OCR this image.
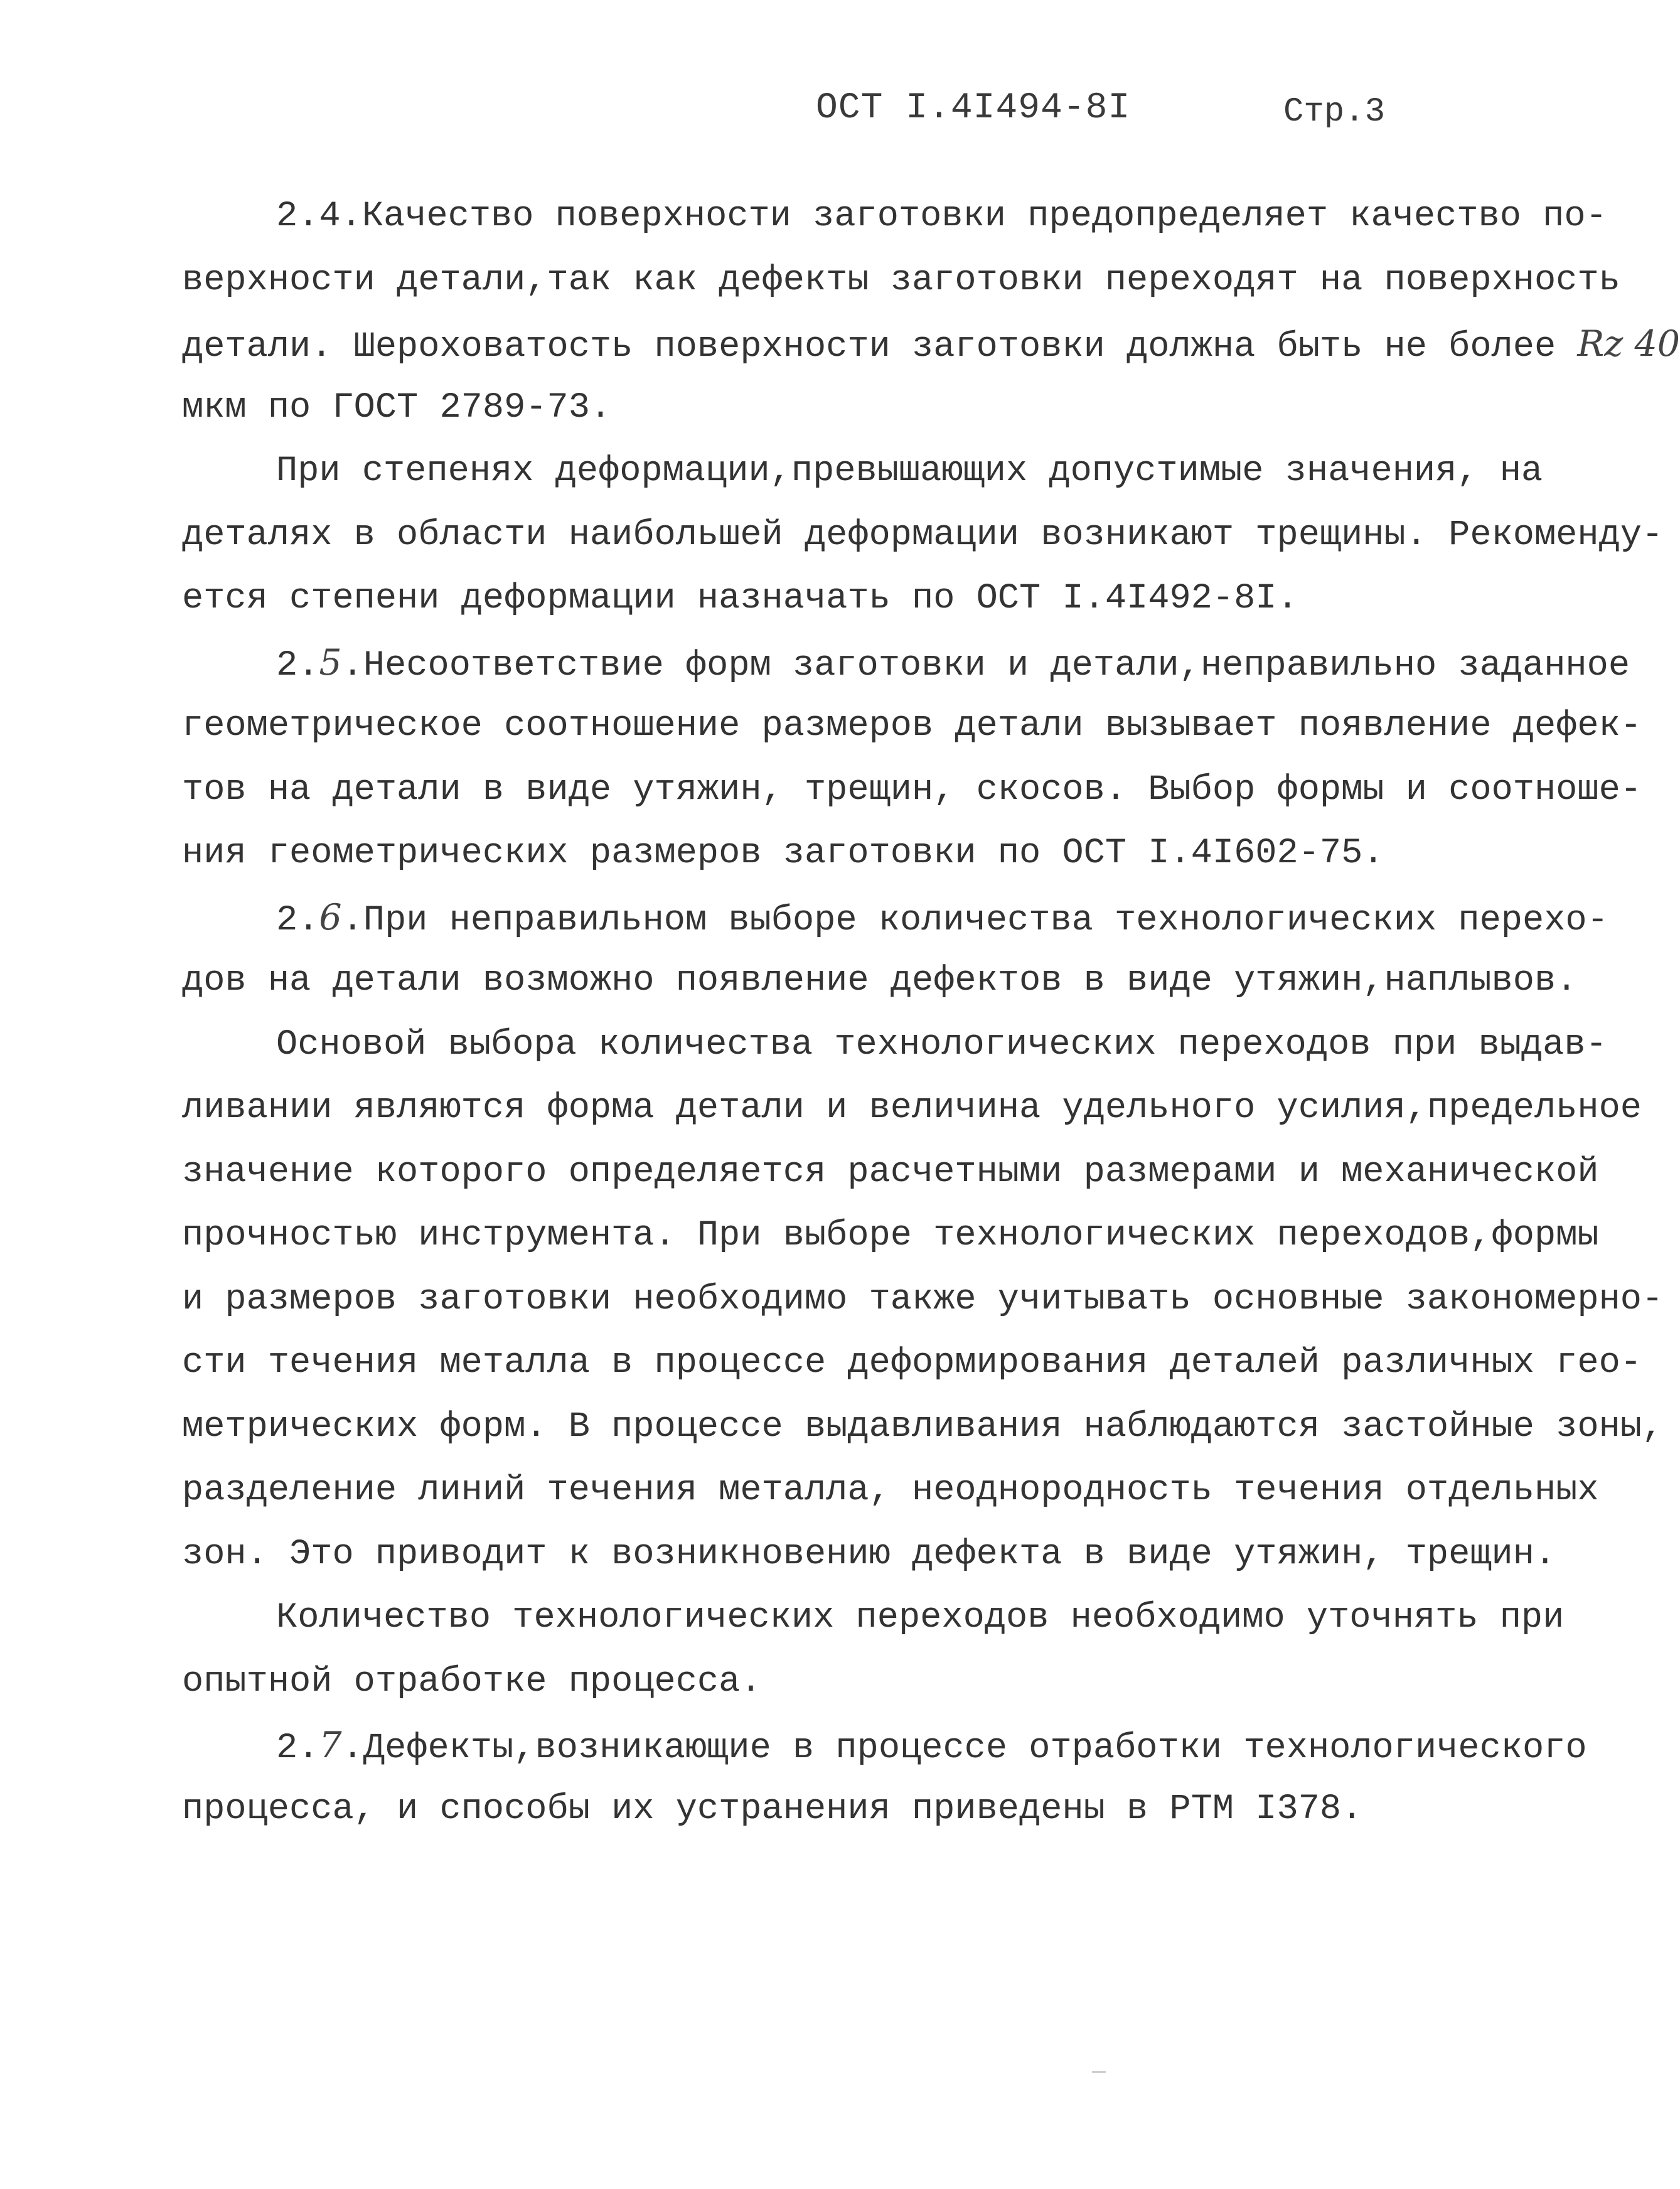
ОСТ I.4I494-8I	Стр.3
2.4.Качество поверхности заготовки предопределяет качество по-
верхности детали,так как дефекты заготовки переходят на поверхность
детали. Шероховатость поверхности заготовки должна быть не более Rz 40
мкм по ГОСТ 2789-73.
При степенях деформации,превышающих допустимые значения, на
деталях в области наибольшей деформации возникают трещины. Рекоменду-
ется степени деформации назначать по ОСТ I.4I492-8I.
2.5.Несоответствие форм заготовки и детали,неправильно заданное
геометрическое соотношение размеров детали вызывает появление дефек-
тов на детали в виде утяжин, трещин, скосов. Выбор формы и соотноше-
ния геометрических размеров заготовки по ОСТ I.4I602-75.
2.6.При неправильном выборе количества технологических перехо-
дов на детали возможно появление дефектов в виде утяжин,наплывов.
Основой выбора количества технологических переходов при выдав-
ливании являются форма детали и величина удельного усилия,предельное
значение которого определяется расчетными размерами и механической
прочностью инструмента. При выборе технологических переходов,формы
и размеров заготовки необходимо также учитывать основные закономерно-
сти течения металла в процессе деформирования деталей различных гео-
метрических форм. В процессе выдавливания наблюдаются застойные зоны,
разделение линий течения металла, неоднородность течения отдельных
зон. Это приводит к возникновению дефекта в виде утяжин, трещин.
Количество технологических переходов необходимо уточнять при
опытной отработке процесса.
2.7.Дефекты,возникающие в процессе отработки технологического
процесса, и способы их устранения приведены в РТМ I378.
